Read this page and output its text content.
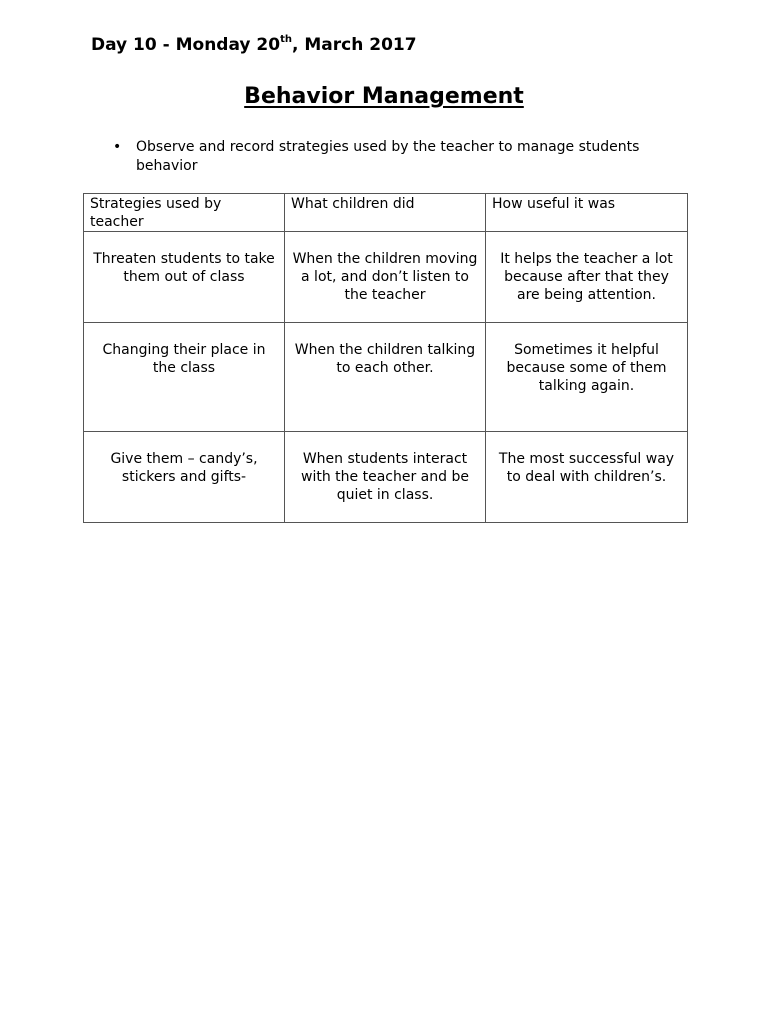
Day 10 - Monday 20th, March 2017
Behavior Management
• Observe and record strategies used by the teacher to manage students behavior
Strategies used by teacher	What children did	How useful it was
Threaten students to take them out of class	When the children moving a lot, and don’t listen to the teacher	It helps the teacher a lot because after that they are being attention.
Changing their place in the class	When the children talking to each other.	Sometimes it helpful because some of them talking again.
Give them – candy’s, stickers and gifts-	When students interact with the teacher and be quiet in class.	The most successful way to deal with children’s.
